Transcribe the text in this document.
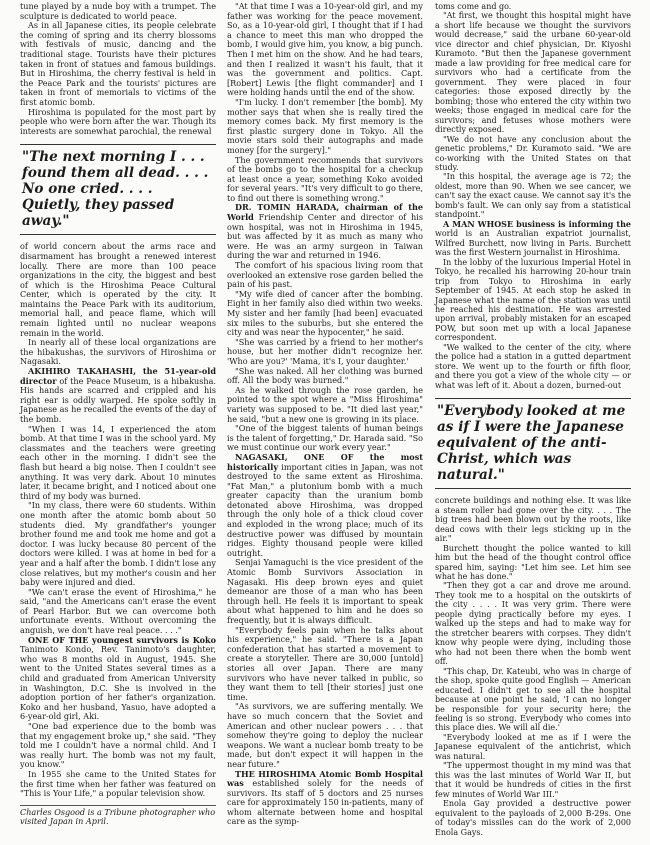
tune played by a nude boy with a trumpet. The sculpture is dedicated to world peace.

As in all Japanese cities, its people celebrate the coming of spring and its cherry blossoms with festivals of music, dancing and the traditional stage. Tourists have their pictures taken in front of statues and famous buildings. But in Hiroshima, the cherry festival is held in the Peace Park and the tourists' pictures are taken in front of memorials to victims of the first atomic bomb.

Hiroshima is populated for the most part by people who were born after the war. Though its interests are somewhat parochial, the renewal

"The next morning I . . . found them all dead. . . . No one cried. . . . Quietly, they passed away."

of world concern about the arms race and disarmament has brought a renewed interest locally. There are more than 100 peace organizations in the city, the biggest and best of which is the Hiroshima Peace Cultural Center, which is operated by the city. It maintains the Peace Park with its auditorium, memorial hall, and peace flame, which will remain lighted until no nuclear weapons remain in the world.

In nearly all of these local organizations are the hibakushas, the survivors of Hiroshima or Nagasaki.

AKIHIRO TAKAHASHI, the 51-year-old director of the Peace Museum, is a hibakusha. His hands are scarred and crippled and his right ear is oddly warped. He spoke softly in Japanese as he recalled the events of the day of the bomb.

"When I was 14, I experienced the atom bomb. At that time I was in the school yard. My classmates and the teachers were greeting each other in the morning. I didn't see the flash but heard a big noise. Then I couldn't see anything. It was very dark. About 10 minutes later, it became bright, and I noticed about one third of my body was burned.

"In my class, there were 60 students. Within one month after the atomic bomb about 50 students died. My grandfather's younger brother found me and took me home and got a doctor. I was lucky because 80 percent of the doctors were killed. I was at home in bed for a year and a half after the bomb. I didn't lose any close relatives, but my mother's cousin and her baby were injured and died.

"We can't erase the event of Hiroshima," he said, "and the Americans can't erase the event of Pearl Harbor. But we can overcome both unfortunate events. Without overcoming the anguish, we don't have real peace. . . ."

ONE OF THE youngest survivors is Koko Tanimoto Kondo, Rev. Tanimoto's daughter, who was 8 months old in August, 1945. She went to the United States several times as a child and graduated from American University in Washington, D.C. She is involved in the adoption portion of her father's organization. Koko and her husband, Yasuo, have adopted a 6-year-old girl, Aki.

"One bad experience due to the bomb was that my engagement broke up," she said. "They told me I couldn't have a normal child. And I was really hurt. The bomb was not my fault, you know."

In 1955 she came to the United States for the first time when her father was featured on "This is Your Life," a popular television show.

Charles Osgood is a Tribune photographer who visited Japan in April.

"At that time I was a 10-year-old girl, and my father was working for the peace movement. So, as a 10-year-old girl, I thought that if I had a chance to meet this man who dropped the bomb, I would give him, you know, a big punch. Then I met him on the show. And he had tears, and then I realized it wasn't his fault, that it was the government and politics. Capt. [Robert] Lewis [the flight commander] and I were holding hands until the end of the show.

"I'm lucky. I don't remember [the bomb]. My mother says that when she is really tired the memory comes back. My first memory is the first plastic surgery done in Tokyo. All the movie stars sold their autographs and made money [for the surgery]."

The government recommends that survivors of the bombs go to the hospital for a checkup at least once a year, something Koko avoided for several years. "It's very difficult to go there, to find out there is something wrong."

DR. TOMIN HARADA, chairman of the World Friendship Center and director of his own hospital, was not in Hiroshima in 1945, but was affected by it as much as many who were. He was an army surgeon in Taiwan during the war and returned in 1946.

The comfort of his spacious living room that overlooked an extensive rose garden belied the pain of his past.

"My wife died of cancer after the bombing. Eight in her family also died within two weeks. My sister and her family [had been] evacuated six miles to the suburbs, but she entered the city and was near the hypocenter," he said.

"She was carried by a friend to her mother's house, but her mother didn't recognize her. 'Who are you?' 'Mama, it's I, your daughter.'

"She was naked. All her clothing was burned off. All the body was burned."

As he walked through the rose garden, he pointed to the spot where a "Miss Hiroshima" variety was supposed to be. "It died last year," he said, "but a new one is growing in its place.

"One of the biggest talents of human beings is the talent of forgetting," Dr. Harada said. "So we must continue our work every year."

NAGASAKI, ONE OF the most historically important cities in Japan, was not destroyed to the same extent as Hiroshima. "Fat Man," a plutonium bomb with a much greater capacity than the uranium bomb detonated above Hiroshima, was dropped through the only hole of a thick cloud cover and exploded in the wrong place; much of its destructive power was diffused by mountain ridges. Eighty thousand people were killed outright.

Senjai Yamaguchi is the vice president of the Atomic Bomb Survivors Association in Nagasaki. His deep brown eyes and quiet demeanor are those of a man who has been through hell. He feels it is important to speak about what happened to him and he does so frequently, but it is always difficult.

"Everybody feels pain when he talks about his experience," he said. "There is a Japan confederation that has started a movement to create a storyteller. There are 30,000 [untold] stories all over Japan. There are many survivors who have never talked in public, so they want them to tell [their stories] just one time.

"As survivors, we are suffering mentally. We have so much concern that the Soviet and American and other nuclear powers . . . that somehow they're going to deploy the nuclear weapons. We want a nuclear bomb treaty to be made, but don't expect it will happen in the near future."

THE HIROSHIMA Atomic Bomb Hospital was established solely for the needs of survivors. Its staff of 5 doctors and 25 nurses care for approximately 150 in-patients, many of whom alternate between home and hospital care as the symp-

toms come and go.

"At first, we thought this hospital might have a short life because we thought the survivors would decrease," said the urbane 60-year-old vice director and chief physician, Dr. Kiyoshi Kuramoto. "But then the Japanese government made a law providing for free medical care for survivors who had a certificate from the government. They were placed in four categories: those exposed directly by the bombing; those who entered the city within two weeks; those engaged in medical care for the survivors; and fetuses whose mothers were directly exposed.

"We do not have any conclusion about the genetic problems," Dr. Kuramoto said. "We are co-working with the United States on that study.

"In this hospital, the average age is 72; the oldest, more than 90. When we see cancer, we can't say the exact cause. We cannot say it's the bomb's fault. We can only say from a statistical standpoint."

A MAN WHOSE business is informing the world is an Australian expatriot journalist, Wilfred Burchett, now living in Paris. Burchett was the first Western journalist in Hiroshima.

In the lobby of the luxurious Imperial Hotel in Tokyo, he recalled his harrowing 20-hour train trip from Tokyo to Hiroshima in early September of 1945. At each stop he asked in Japanese what the name of the station was until he reached his destination. He was arrested upon arrival, probably mistaken for an escaped POW, but soon met up with a local Japanese correspondent.

"We walked to the center of the city, where the police had a station in a gutted department store. We went up to the fourth or fifth floor, and there you got a view of the whole city — or what was left of it. About a dozen, burned-out

"Everybody looked at me as if I were the Japanese equivalent of the anti-Christ, which was natural."

concrete buildings and nothing else. It was like a steam roller had gone over the city. . . . The big trees had been blown out by the roots, like dead cows with their legs sticking up in the air."

Burchett thought the police wanted to kill him but the head of the thought control office spared him, saying: "Let him see. Let him see what he has done."

"Then they got a car and drove me around. They took me to a hospital on the outskirts of the city . . . . It was very grim. There were people dying practically before my eyes. I walked up the steps and had to make way for the stretcher bearers with corpses. They didn't know why people were dying, including those who had not been there when the bomb went off.

"This chap, Dr. Kateubi, who was in charge of the shop, spoke quite good English — American educated. I didn't get to see all the hospital because at one point he said, 'I can no longer be responsible for your security here; the feeling is so strong. Everybody who comes into this place dies. We will all die.'

"Everybody looked at me as if I were the Japanese equivalent of the antichrist, which was natural.

"The uppermost thought in my mind was that this was the last minutes of World War II, but that it would be hundreds of cities in the first few minutes of World War III."

Enola Gay provided a destructive power equivalent to the payloads of 2,000 B-29s. One of today's missiles can do the work of 2,000 Enola Gays.
